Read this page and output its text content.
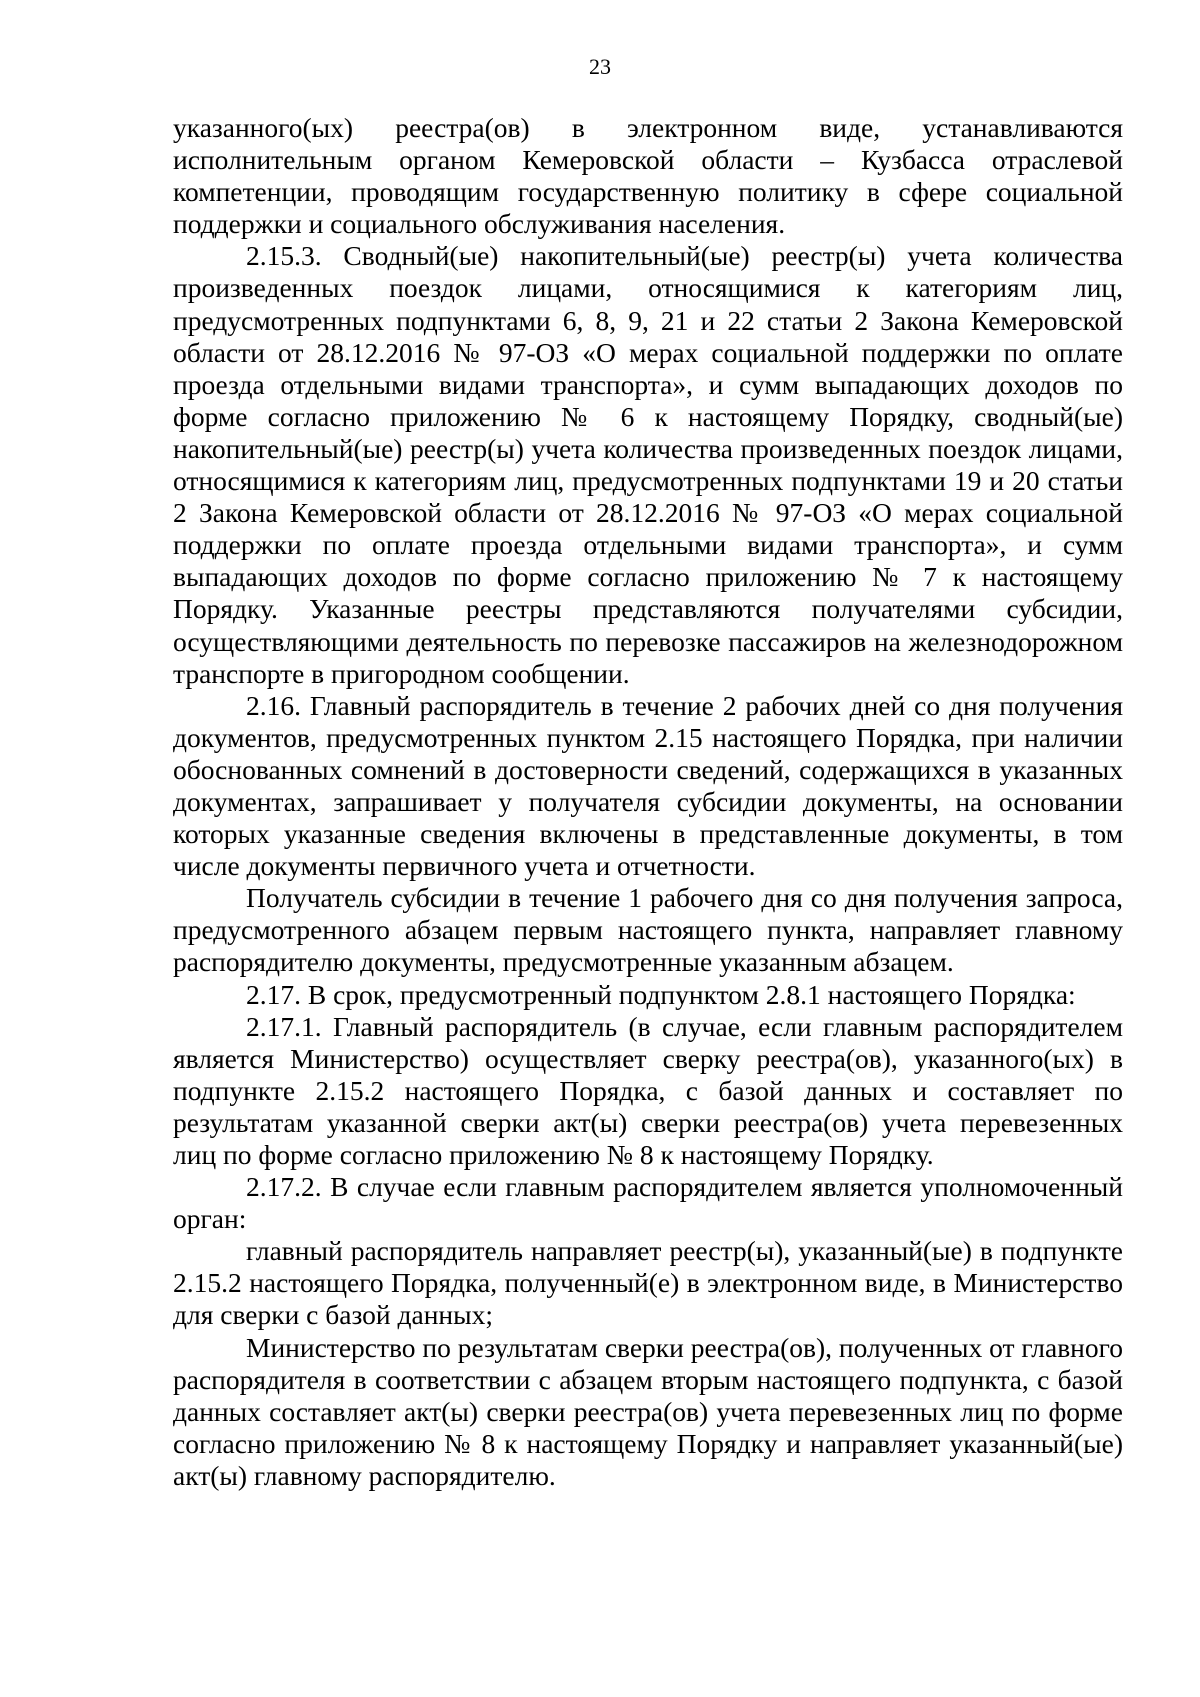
23

указанного(ых) реестра(ов) в электронном виде, устанавливаются исполнительным органом Кемеровской области – Кузбасса отраслевой компетенции, проводящим государственную политику в сфере социальной поддержки и социального обслуживания населения.

2.15.3. Сводный(ые) накопительный(ые) реестр(ы) учета количества произведенных поездок лицами, относящимися к категориям лиц, предусмотренных подпунктами 6, 8, 9, 21 и 22 статьи 2 Закона Кемеровской области от 28.12.2016 № 97-ОЗ «О мерах социальной поддержки по оплате проезда отдельными видами транспорта», и сумм выпадающих доходов по форме согласно приложению № 6 к настоящему Порядку, сводный(ые) накопительный(ые) реестр(ы) учета количества произведенных поездок лицами, относящимися к категориям лиц, предусмотренных подпунктами 19 и 20 статьи 2 Закона Кемеровской области от 28.12.2016 № 97-ОЗ «О мерах социальной поддержки по оплате проезда отдельными видами транспорта», и сумм выпадающих доходов по форме согласно приложению № 7 к настоящему Порядку. Указанные реестры представляются получателями субсидии, осуществляющими деятельность по перевозке пассажиров на железнодорожном транспорте в пригородном сообщении.

2.16. Главный распорядитель в течение 2 рабочих дней со дня получения документов, предусмотренных пунктом 2.15 настоящего Порядка, при наличии обоснованных сомнений в достоверности сведений, содержащихся в указанных документах, запрашивает у получателя субсидии документы, на основании которых указанные сведения включены в представленные документы, в том числе документы первичного учета и отчетности.

Получатель субсидии в течение 1 рабочего дня со дня получения запроса, предусмотренного абзацем первым настоящего пункта, направляет главному распорядителю документы, предусмотренные указанным абзацем.

2.17. В срок, предусмотренный подпунктом 2.8.1 настоящего Порядка:

2.17.1. Главный распорядитель (в случае, если главным распорядителем является Министерство) осуществляет сверку реестра(ов), указанного(ых) в подпункте 2.15.2 настоящего Порядка, с базой данных и составляет по результатам указанной сверки акт(ы) сверки реестра(ов) учета перевезенных лиц по форме согласно приложению № 8 к настоящему Порядку.

2.17.2. В случае если главным распорядителем является уполномоченный орган:

главный распорядитель направляет реестр(ы), указанный(ые) в подпункте 2.15.2 настоящего Порядка, полученный(е) в электронном виде, в Министерство для сверки с базой данных;

Министерство по результатам сверки реестра(ов), полученных от главного распорядителя в соответствии с абзацем вторым настоящего подпункта, с базой данных составляет акт(ы) сверки реестра(ов) учета перевезенных лиц по форме согласно приложению № 8 к настоящему Порядку и направляет указанный(ые) акт(ы) главному распорядителю.
